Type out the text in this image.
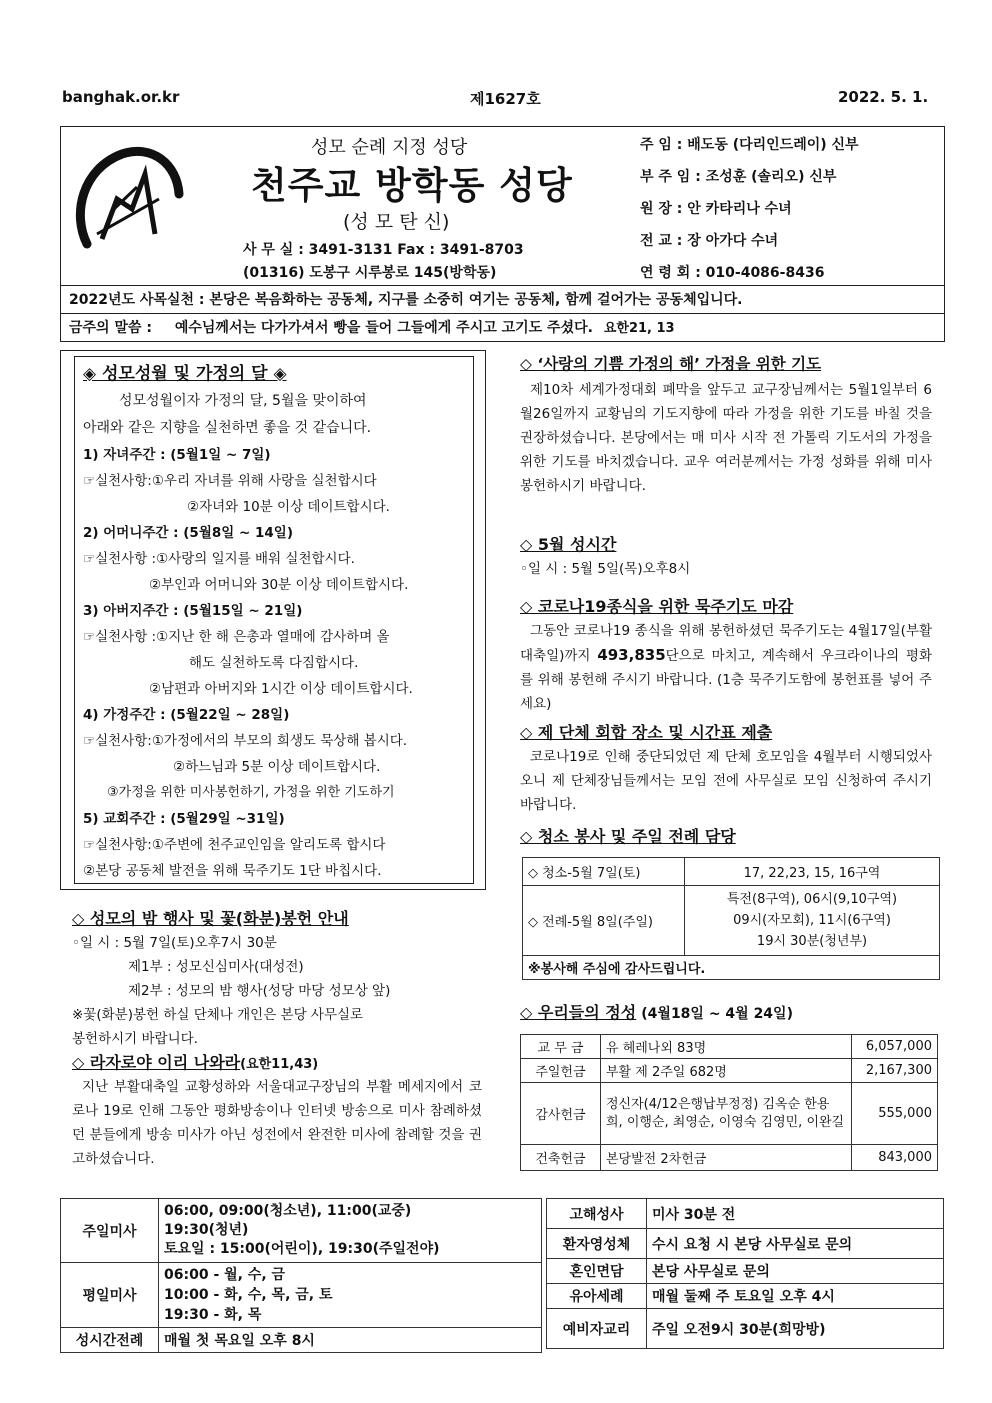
banghak.or.kr	제1627호	2022. 5. 1.
성모 순례 지정 성당
천주교 방학동 성당
(성 모 탄 신)
사 무 실 : 3491-3131 Fax : 3491-8703
(01316) 도봉구 시루봉로 145(방학동)
주 임 : 배도동 (다리인드레이) 신부
부 주 임 : 조성훈 (솔리오) 신부
원 장 : 안 카타리나 수녀
전 교 : 장 아가다 수녀
연 령 회 : 010-4086-8436
2022년도 사목실천 : 본당은 복음화하는 공동체, 지구를 소중히 여기는 공동체, 함께 걸어가는 공동체입니다.
금주의 말씀 : 예수님께서는 다가가셔서 빵을 들어 그들에게 주시고 고기도 주셨다. 요한21, 13
◈ 성모성월 및 가정의 달 ◈
성모성월이자 가정의 달, 5월을 맞이하여
아래와 같은 지향을 실천하면 좋을 것 같습니다.
1) 자녀주간 : (5월1일 ~ 7일)
☞실천사항:①우리 자녀를 위해 사랑을 실천합시다
②자녀와 10분 이상 데이트합시다.
2) 어머니주간 : (5월8일 ~ 14일)
☞실천사항 :①사랑의 일지를 배워 실천합시다.
②부인과 어머니와 30분 이상 데이트합시다.
3) 아버지주간 : (5월15일 ~ 21일)
☞실천사항 :①지난 한 해 은총과 열매에 감사하며 올
해도 실천하도록 다짐합시다.
②남편과 아버지와 1시간 이상 데이트합시다.
4) 가정주간 : (5월22일 ~ 28일)
☞실천사항:①가정에서의 부모의 희생도 묵상해 봅시다.
②하느님과 5분 이상 데이트합시다.
③가정을 위한 미사봉헌하기, 가정을 위한 기도하기
5) 교회주간 : (5월29일 ~31일)
☞실천사항:①주변에 천주교인임을 알리도록 합시다
②본당 공동체 발전을 위해 묵주기도 1단 바칩시다.
◇ 성모의 밤 행사 및 꽃(화분)봉헌 안내
◦일 시 : 5월 7일(토)오후7시 30분
제1부 : 성모신심미사(대성전)
제2부 : 성모의 밤 행사(성당 마당 성모상 앞)
※꽃(화분)봉헌 하실 단체나 개인은 본당 사무실로
봉헌하시기 바랍니다.
◇ 라자로야 이리 나와라(요한11,43)
지난 부활대축일 교황성하와 서울대교구장님의 부활 메세지에서 코로나 19로 인해 그동안 평화방송이나 인터넷 방송으로 미사 참례하셨던 분들에게 방송 미사가 아닌 성전에서 완전한 미사에 참례할 것을 권고하셨습니다.
◇ ‘사랑의 기쁨 가정의 해’ 가정을 위한 기도
제10차 세계가정대회 폐막을 앞두고 교구장님께서는 5월1일부터 6월26일까지 교황님의 기도지향에 따라 가정을 위한 기도를 바칠 것을 권장하셨습니다. 본당에서는 매 미사 시작 전 가톨릭 기도서의 가정을 위한 기도를 바치겠습니다. 교우 여러분께서는 가정 성화를 위해 미사 봉헌하시기 바랍니다.
◇ 5월 성시간
◦일 시 : 5월 5일(목)오후8시
◇ 코로나19종식을 위한 묵주기도 마감
그동안 코로나19 종식을 위해 봉헌하셨던 묵주기도는 4월17일(부활대축일)까지 493,835단으로 마치고, 계속해서 우크라이나의 평화를 위해 봉헌해 주시기 바랍니다. (1층 묵주기도함에 봉헌표를 넣어 주세요)
◇ 제 단체 회합 장소 및 시간표 제출
코로나19로 인해 중단되었던 제 단체 호모임을 4월부터 시행되었사오니 제 단체장님들께서는 모임 전에 사무실로 모임 신청하여 주시기 바랍니다.
◇ 청소 봉사 및 주일 전례 담당
◇ 청소-5월 7일(토)	17, 22,23, 15, 16구역
◇ 전례-5월 8일(주일)	특전(8구역), 06시(9,10구역)
09시(자모회), 11시(6구역)
19시 30분(청년부)

※봉사해 주심에 감사드립니다.	
◇ 우리들의 정성 (4월18일 ~ 4월 24일)
교 무 금	유 헤레나외 83명	6,057,000
주일헌금	부활 제 2주일 682명	2,167,300
감사헌금	정신자(4/12은행납부정정) 김옥순 한용희, 이행순, 최영순, 이영숙 김영민, 이완길	555,000
건축헌금	본당발전 2차헌금	843,000
주일미사	06:00, 09:00(청소년), 11:00(교중)
19:30(청년)
토요일 : 15:00(어린이), 19:30(주일전야)

평일미사	06:00 - 월, 수, 금
10:00 - 화, 수, 목, 금, 토
19:30 - 화, 목

성시간전례	매월 첫 목요일 오후 8시
고해성사	미사 30분 전
환자영성체	수시 요청 시 본당 사무실로 문의
혼인면담	본당 사무실로 문의
유아세례	매월 둘째 주 토요일 오후 4시
예비자교리	주일 오전9시 30분(희망방)
